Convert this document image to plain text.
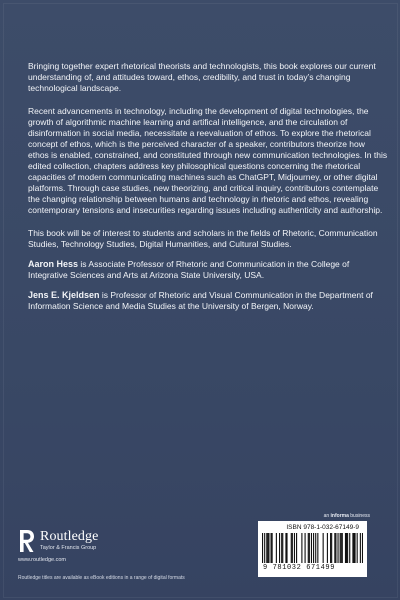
Bringing together expert rhetorical theorists and technologists, this book explores our current understanding of, and attitudes toward, ethos, credibility, and trust in today’s changing technological landscape.

Recent advancements in technology, including the development of digital technologies, the growth of algorithmic machine learning and artifical intelligence, and the circulation of disinformation in social media, necessitate a reevaluation of ethos. To explore the rhetorical concept of ethos, which is the perceived character of a speaker, contributors theorize how ethos is enabled, constrained, and constituted through new communication technologies. In this edited collection, chapters address key philosophical questions concerning the rhetorical capacities of modern communicating machines such as ChatGPT, Midjourney, or other digital platforms. Through case studies, new theorizing, and critical inquiry, contributors contemplate the changing relationship between humans and technology in rhetoric and ethos, revealing contemporary tensions and insecurities regarding issues including authenticity and authorship.

This book will be of interest to students and scholars in the fields of Rhetoric, Communication Studies, Technology Studies, Digital Humanities, and Cultural Studies.

Aaron Hess is Associate Professor of Rhetoric and Communication in the College of Integrative Sciences and Arts at Arizona State University, USA.

Jens E. Kjeldsen is Professor of Rhetoric and Visual Communication in the Department of Information Science and Media Studies at the University of Bergen, Norway.

an informa business
Routledge
Taylor & Francis Group
www.routledge.com
Routledge titles are available as eBook editions in a range of digital formats
ISBN 978-1-032-67149-9
9 781032 671499
